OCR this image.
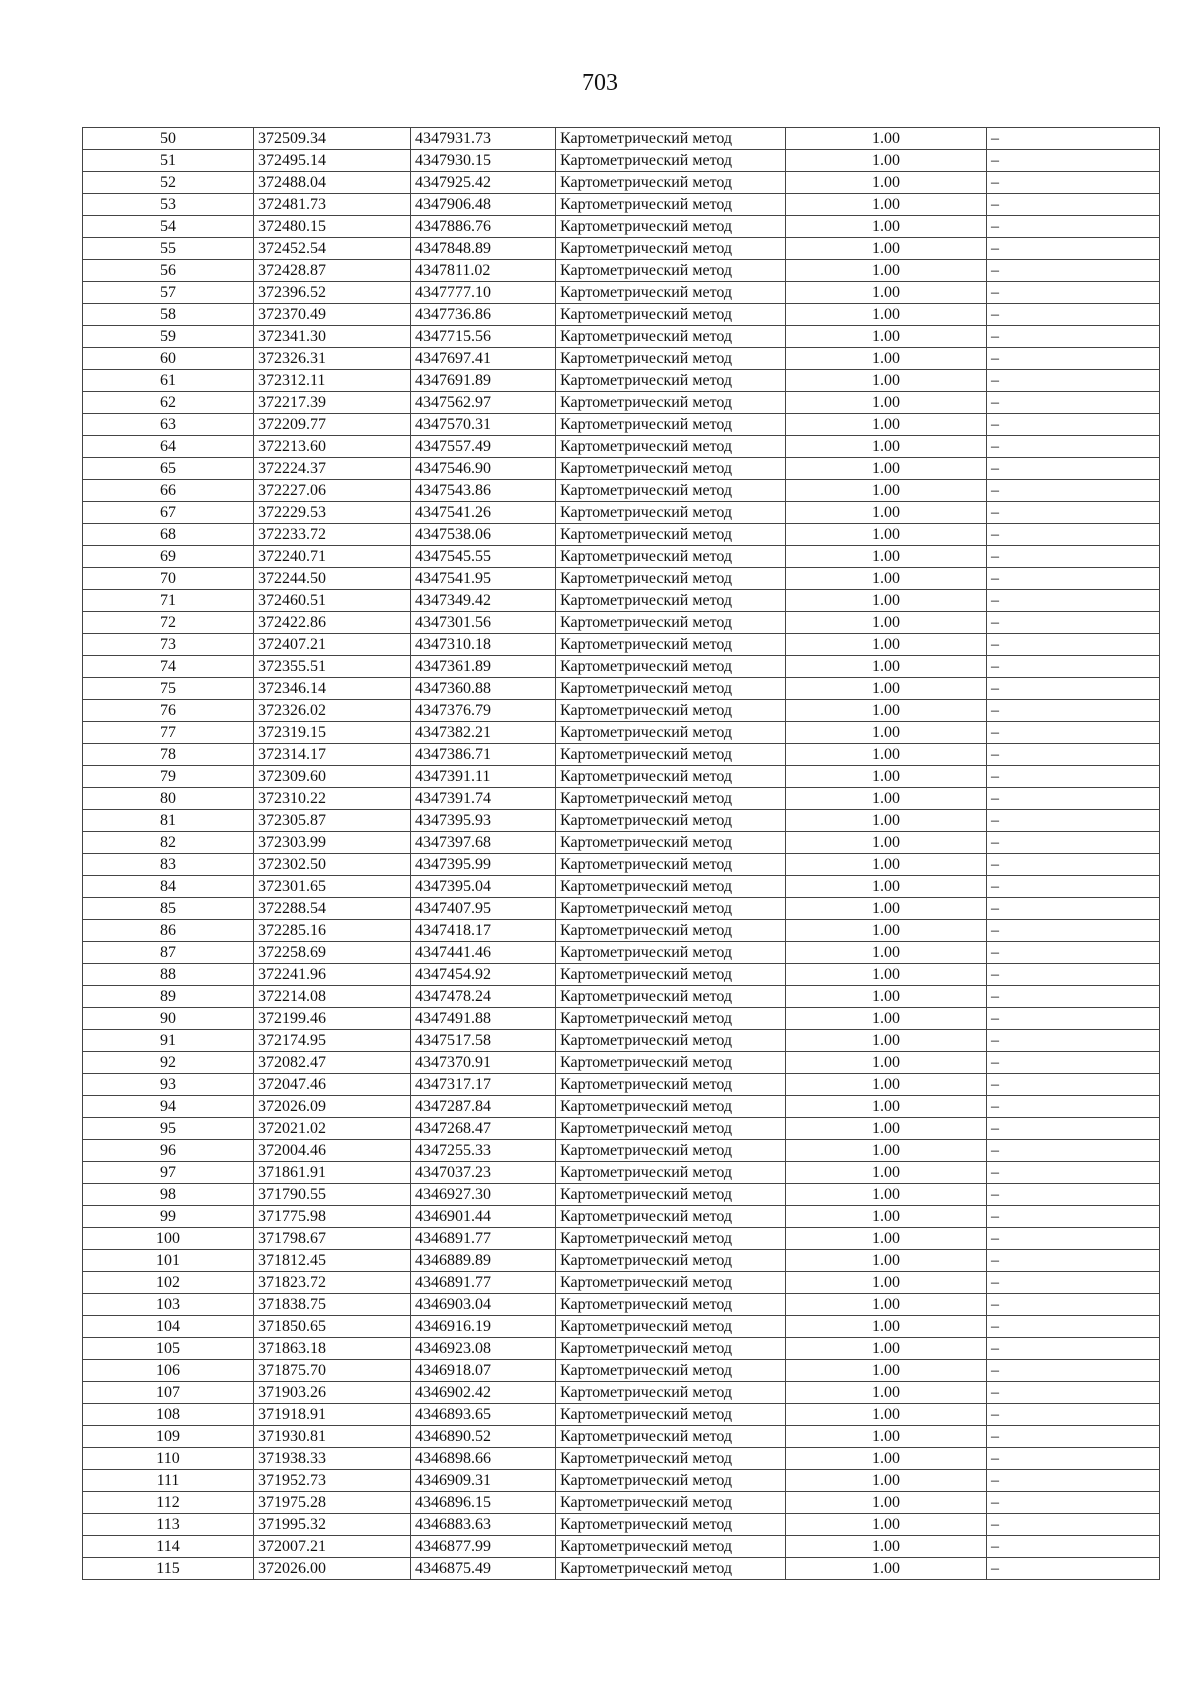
703
50	372509.34	4347931.73	Картометрический метод	1.00	–
51	372495.14	4347930.15	Картометрический метод	1.00	–
52	372488.04	4347925.42	Картометрический метод	1.00	–
53	372481.73	4347906.48	Картометрический метод	1.00	–
54	372480.15	4347886.76	Картометрический метод	1.00	–
55	372452.54	4347848.89	Картометрический метод	1.00	–
56	372428.87	4347811.02	Картометрический метод	1.00	–
57	372396.52	4347777.10	Картометрический метод	1.00	–
58	372370.49	4347736.86	Картометрический метод	1.00	–
59	372341.30	4347715.56	Картометрический метод	1.00	–
60	372326.31	4347697.41	Картометрический метод	1.00	–
61	372312.11	4347691.89	Картометрический метод	1.00	–
62	372217.39	4347562.97	Картометрический метод	1.00	–
63	372209.77	4347570.31	Картометрический метод	1.00	–
64	372213.60	4347557.49	Картометрический метод	1.00	–
65	372224.37	4347546.90	Картометрический метод	1.00	–
66	372227.06	4347543.86	Картометрический метод	1.00	–
67	372229.53	4347541.26	Картометрический метод	1.00	–
68	372233.72	4347538.06	Картометрический метод	1.00	–
69	372240.71	4347545.55	Картометрический метод	1.00	–
70	372244.50	4347541.95	Картометрический метод	1.00	–
71	372460.51	4347349.42	Картометрический метод	1.00	–
72	372422.86	4347301.56	Картометрический метод	1.00	–
73	372407.21	4347310.18	Картометрический метод	1.00	–
74	372355.51	4347361.89	Картометрический метод	1.00	–
75	372346.14	4347360.88	Картометрический метод	1.00	–
76	372326.02	4347376.79	Картометрический метод	1.00	–
77	372319.15	4347382.21	Картометрический метод	1.00	–
78	372314.17	4347386.71	Картометрический метод	1.00	–
79	372309.60	4347391.11	Картометрический метод	1.00	–
80	372310.22	4347391.74	Картометрический метод	1.00	–
81	372305.87	4347395.93	Картометрический метод	1.00	–
82	372303.99	4347397.68	Картометрический метод	1.00	–
83	372302.50	4347395.99	Картометрический метод	1.00	–
84	372301.65	4347395.04	Картометрический метод	1.00	–
85	372288.54	4347407.95	Картометрический метод	1.00	–
86	372285.16	4347418.17	Картометрический метод	1.00	–
87	372258.69	4347441.46	Картометрический метод	1.00	–
88	372241.96	4347454.92	Картометрический метод	1.00	–
89	372214.08	4347478.24	Картометрический метод	1.00	–
90	372199.46	4347491.88	Картометрический метод	1.00	–
91	372174.95	4347517.58	Картометрический метод	1.00	–
92	372082.47	4347370.91	Картометрический метод	1.00	–
93	372047.46	4347317.17	Картометрический метод	1.00	–
94	372026.09	4347287.84	Картометрический метод	1.00	–
95	372021.02	4347268.47	Картометрический метод	1.00	–
96	372004.46	4347255.33	Картометрический метод	1.00	–
97	371861.91	4347037.23	Картометрический метод	1.00	–
98	371790.55	4346927.30	Картометрический метод	1.00	–
99	371775.98	4346901.44	Картометрический метод	1.00	–
100	371798.67	4346891.77	Картометрический метод	1.00	–
101	371812.45	4346889.89	Картометрический метод	1.00	–
102	371823.72	4346891.77	Картометрический метод	1.00	–
103	371838.75	4346903.04	Картометрический метод	1.00	–
104	371850.65	4346916.19	Картометрический метод	1.00	–
105	371863.18	4346923.08	Картометрический метод	1.00	–
106	371875.70	4346918.07	Картометрический метод	1.00	–
107	371903.26	4346902.42	Картометрический метод	1.00	–
108	371918.91	4346893.65	Картометрический метод	1.00	–
109	371930.81	4346890.52	Картометрический метод	1.00	–
110	371938.33	4346898.66	Картометрический метод	1.00	–
111	371952.73	4346909.31	Картометрический метод	1.00	–
112	371975.28	4346896.15	Картометрический метод	1.00	–
113	371995.32	4346883.63	Картометрический метод	1.00	–
114	372007.21	4346877.99	Картометрический метод	1.00	–
115	372026.00	4346875.49	Картометрический метод	1.00	–
